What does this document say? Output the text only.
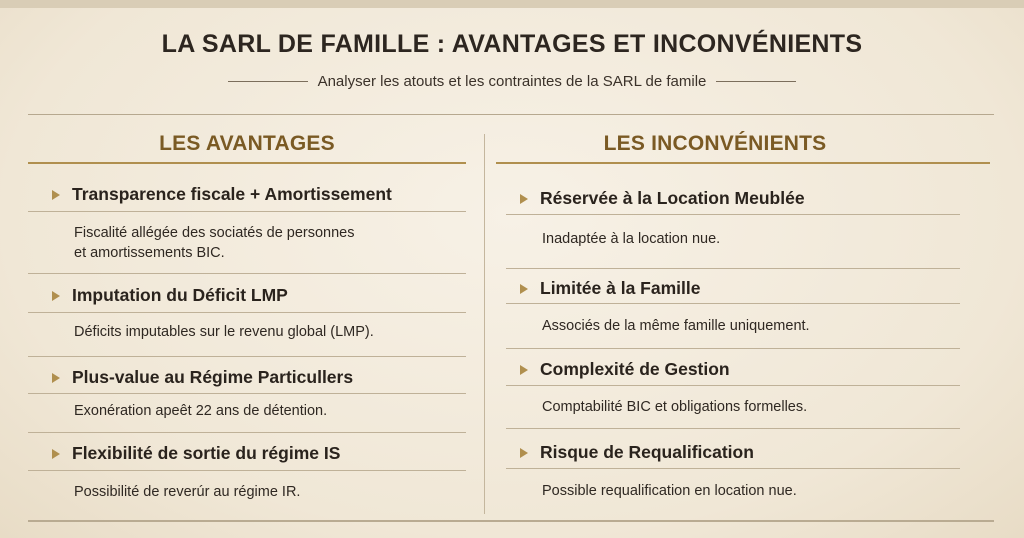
LA SARL DE FAMILLE : AVANTAGES ET INCONVÉNIENTS
Analyser les atouts et les contraintes de la SARL de famile
LES AVANTAGES
Transparence fiscale + Amortissement
Fiscalité allégée des sociatés de personnes
et amortissements BIC.
Imputation du Déficit LMP
Déficits imputables sur le revenu global (LMP).
Plus-value au Régime Particullers
Exonération apeêt 22 ans de détention.
Flexibilité de sortie du régime IS
Possibilité de reverúr au régime IR.
LES INCONVÉNIENTS
Réservée à la Location Meublée
Inadaptée à la location nue.
Limitée à la Famille
Associés de la même famille uniquement.
Complexité de Gestion
Comptabilité BIC et obligations formelles.
Risque de Requalification
Possible requalification en location nue.
